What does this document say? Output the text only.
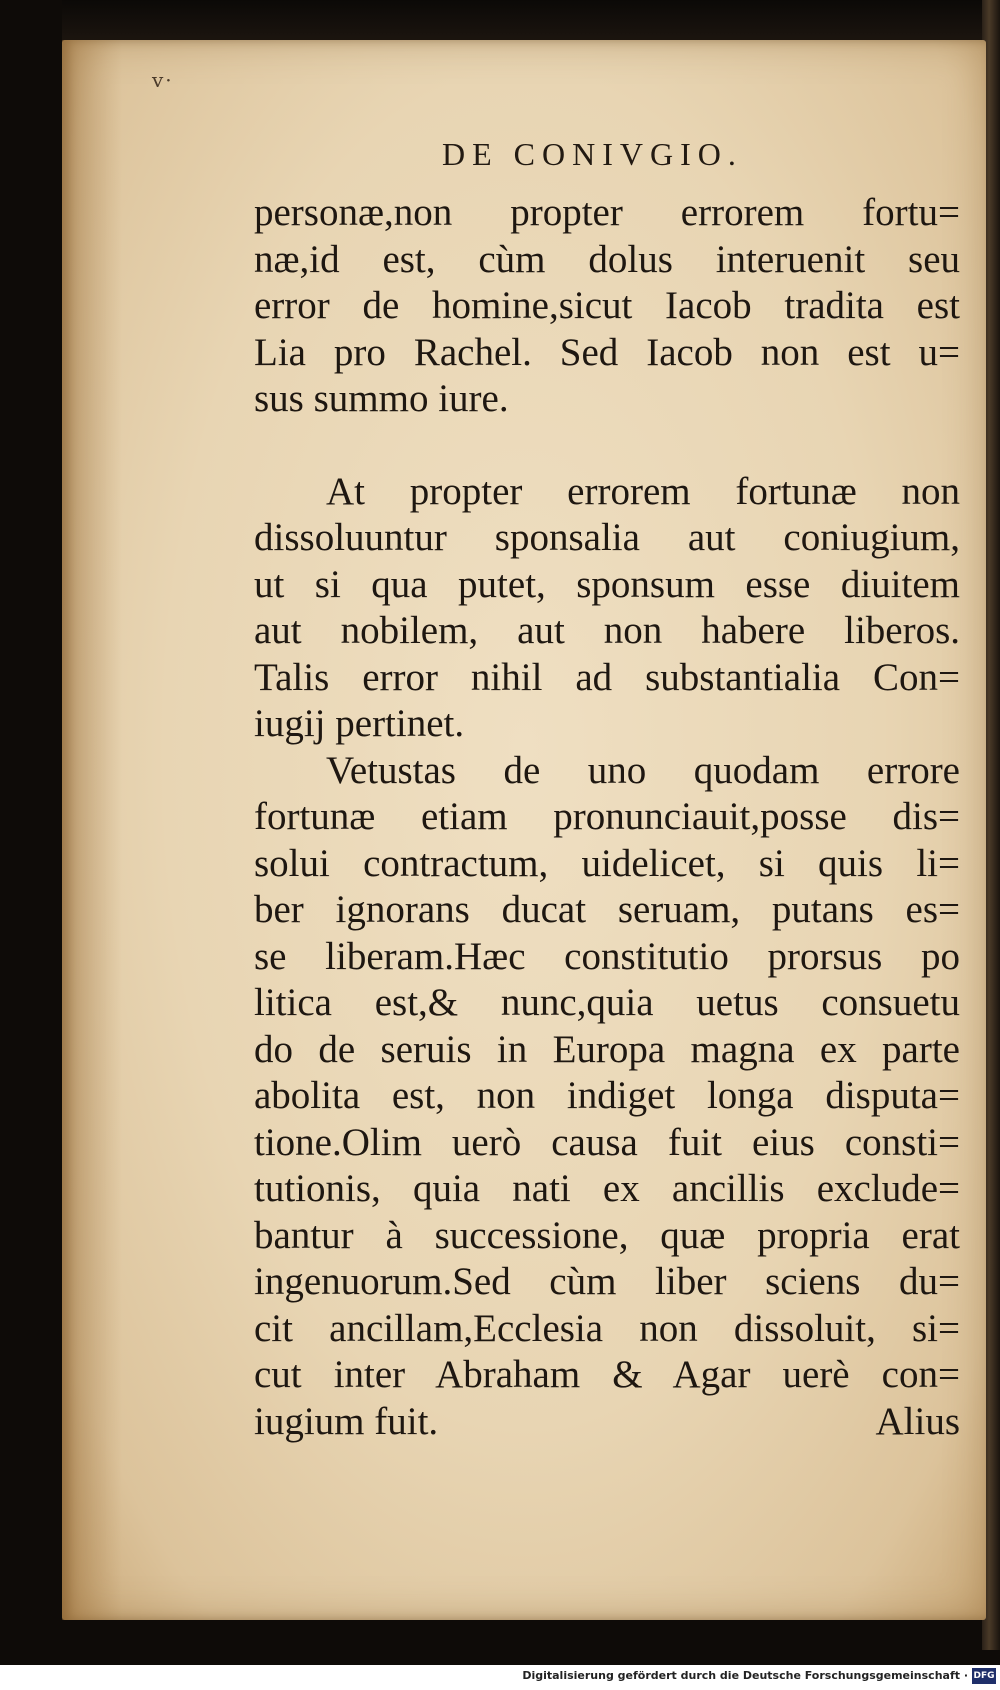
v·
DE CONIVGIO.
personæ,non propter errorem fortu=
næ,id est, cùm dolus interuenit seu
error de homine,sicut Iacob tradita est
Lia pro Rachel. Sed Iacob non est u=
sus summo iure.
At propter errorem fortunæ non
dissoluuntur sponsalia aut coniugium,
ut si qua putet, sponsum esse diuitem
aut nobilem, aut non habere liberos.
Talis error nihil ad substantialia Con=
iugij pertinet.
Vetustas de uno quodam errore
fortunæ etiam pronunciauit,posse dis=
solui contractum, uidelicet, si quis li=
ber ignorans ducat seruam, putans es=
se liberam.Hæc constitutio prorsus po
litica est,& nunc,quia uetus consuetu
do de seruis in Europa magna ex parte
abolita est, non indiget longa disputa=
tione.Olim uerò causa fuit eius consti=
tutionis, quia nati ex ancillis exclude=
bantur à successione, quæ propria erat
ingenuorum.Sed cùm liber sciens du=
cit ancillam,Ecclesia non dissoluit, si=
cut inter Abraham & Agar uerè con=
iugium fuit.	Alius
Digitalisierung gefördert durch die Deutsche Forschungsgemeinschaft · DFG
